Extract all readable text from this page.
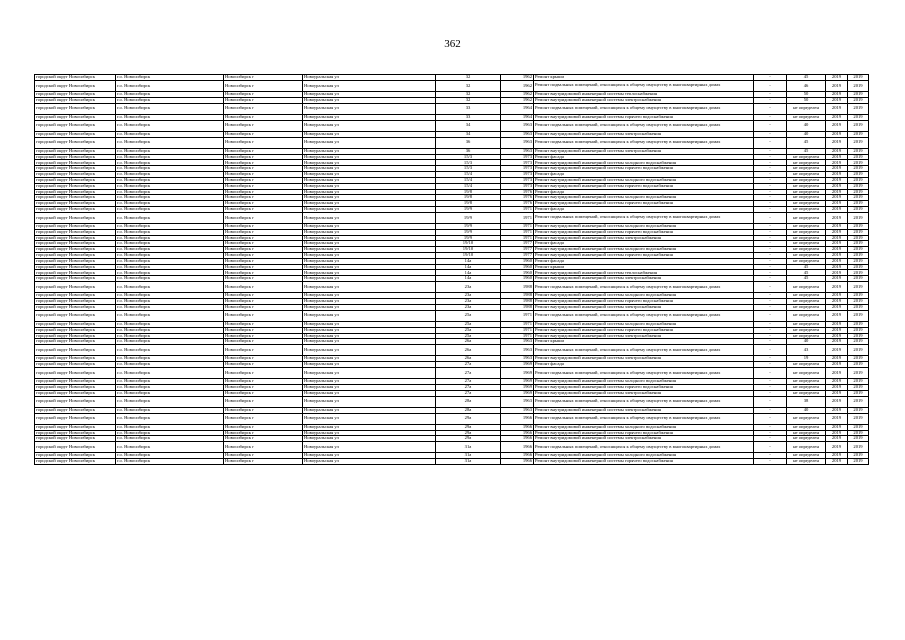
362
городской округ Новосибирск	г.о. Новосибирск	Новосибирск г	Новоуральская ул	32	1962	Ремонт крыши	-	45	2019	2019
городской округ Новосибирск	г.о. Новосибирск	Новосибирск г	Новоуральская ул	32	1962	Ремонт подвальных помещений, относящихся к общему имуществу в многоквартирных домах	-	46	2019	2019
городской округ Новосибирск	г.о. Новосибирск	Новосибирск г	Новоуральская ул	32	1962	Ремонт внутридомовой инженерной системы теплоснабжения	-	50	2019	2019
городской округ Новосибирск	г.о. Новосибирск	Новосибирск г	Новоуральская ул	32	1962	Ремонт внутридомовой инженерной системы электроснабжения	-	50	2019	2019
городской округ Новосибирск	г.о. Новосибирск	Новосибирск г	Новоуральская ул	33	1964	Ремонт подвальных помещений, относящихся к общему имуществу в многоквартирных домах	-	не определен	2019	2019
городской округ Новосибирск	г.о. Новосибирск	Новосибирск г	Новоуральская ул	33	1964	Ремонт внутридомовой инженерной системы горячего водоснабжения	-	не определен	2019	2019
городской округ Новосибирск	г.о. Новосибирск	Новосибирск г	Новоуральская ул	34	1963	Ремонт подвальных помещений, относящихся к общему имуществу в многоквартирных домах	-	40	2019	2019
городской округ Новосибирск	г.о. Новосибирск	Новосибирск г	Новоуральская ул	34	1963	Ремонт внутридомовой инженерной системы электроснабжения	-	40	2019	2019
городской округ Новосибирск	г.о. Новосибирск	Новосибирск г	Новоуральская ул	36	1963	Ремонт подвальных помещений, относящихся к общему имуществу в многоквартирных домах	-	45	2019	2019
городской округ Новосибирск	г.о. Новосибирск	Новосибирск г	Новоуральская ул	36	1963	Ремонт внутридомовой инженерной системы электроснабжения	-	45	2019	2019
городской округ Новосибирск	г.о. Новосибирск	Новосибирск г	Новоуральская ул	15/3	1973	Ремонт фасада	-	не определен	2019	2019
городской округ Новосибирск	г.о. Новосибирск	Новосибирск г	Новоуральская ул	15/3	1973	Ремонт внутридомовой инженерной системы холодного водоснабжения	-	не определен	2019	2019
городской округ Новосибирск	г.о. Новосибирск	Новосибирск г	Новоуральская ул	15/3	1973	Ремонт внутридомовой инженерной системы горячего водоснабжения	-	не определен	2019	2019
городской округ Новосибирск	г.о. Новосибирск	Новосибирск г	Новоуральская ул	15/4	1973	Ремонт фасада	-	не определен	2019	2019
городской округ Новосибирск	г.о. Новосибирск	Новосибирск г	Новоуральская ул	15/4	1973	Ремонт внутридомовой инженерной системы холодного водоснабжения	-	не определен	2019	2019
городской округ Новосибирск	г.о. Новосибирск	Новосибирск г	Новоуральская ул	15/4	1973	Ремонт внутридомовой инженерной системы горячего водоснабжения	-	не определен	2019	2019
городской округ Новосибирск	г.о. Новосибирск	Новосибирск г	Новоуральская ул	19/8	1976	Ремонт фасада	-	не определен	2019	2019
городской округ Новосибирск	г.о. Новосибирск	Новосибирск г	Новоуральская ул	19/8	1976	Ремонт внутридомовой инженерной системы холодного водоснабжения	-	не определен	2019	2019
городской округ Новосибирск	г.о. Новосибирск	Новосибирск г	Новоуральская ул	19/8	1976	Ремонт внутридомовой инженерной системы горячего водоснабжения	-	не определен	2019	2019
городской округ Новосибирск	г.о. Новосибирск	Новосибирск г	Новоуральская ул	19/9	1971	Ремонт фасада	-	не определен	2019	2019
городской округ Новосибирск	г.о. Новосибирск	Новосибирск г	Новоуральская ул	19/9	1971	Ремонт подвальных помещений, относящихся к общему имуществу в многоквартирных домах	-	не определен	2019	2019
городской округ Новосибирск	г.о. Новосибирск	Новосибирск г	Новоуральская ул	19/9	1971	Ремонт внутридомовой инженерной системы холодного водоснабжения	-	не определен	2019	2019
городской округ Новосибирск	г.о. Новосибирск	Новосибирск г	Новоуральская ул	19/9	1971	Ремонт внутридомовой инженерной системы горячего водоснабжения	-	не определен	2019	2019
городской округ Новосибирск	г.о. Новосибирск	Новосибирск г	Новоуральская ул	19/9	1971	Ремонт внутридомовой инженерной системы электроснабжения	-	не определен	2019	2019
городской округ Новосибирск	г.о. Новосибирск	Новосибирск г	Новоуральская ул	19/10	1977	Ремонт фасада	-	не определен	2019	2019
городской округ Новосибирск	г.о. Новосибирск	Новосибирск г	Новоуральская ул	19/10	1977	Ремонт внутридомовой инженерной системы холодного водоснабжения	-	не определен	2019	2019
городской округ Новосибирск	г.о. Новосибирск	Новосибирск г	Новоуральская ул	19/10	1977	Ремонт внутридомовой инженерной системы горячего водоснабжения	-	не определен	2019	2019
городской округ Новосибирск	г.о. Новосибирск	Новосибирск г	Новоуральская ул	14а	1960	Ремонт фасада	-	не определен	2019	2019
городской округ Новосибирск	г.о. Новосибирск	Новосибирск г	Новоуральская ул	14а	1960	Ремонт крыши	-	45	2019	2019
городской округ Новосибирск	г.о. Новосибирск	Новосибирск г	Новоуральская ул	14а	1960	Ремонт внутридомовой инженерной системы теплоснабжения	-	45	2019	2019
городской округ Новосибирск	г.о. Новосибирск	Новосибирск г	Новоуральская ул	14а	1960	Ремонт внутридомовой инженерной системы электроснабжения	-	45	2019	2019
городской округ Новосибирск	г.о. Новосибирск	Новосибирск г	Новоуральская ул	23а	1988	Ремонт подвальных помещений, относящихся к общему имуществу в многоквартирных домах	-	не определен	2019	2019
городской округ Новосибирск	г.о. Новосибирск	Новосибирск г	Новоуральская ул	23а	1988	Ремонт внутридомовой инженерной системы холодного водоснабжения	-	не определен	2019	2019
городской округ Новосибирск	г.о. Новосибирск	Новосибирск г	Новоуральская ул	23а	1988	Ремонт внутридомовой инженерной системы горячего водоснабжения	-	не определен	2019	2019
городской округ Новосибирск	г.о. Новосибирск	Новосибирск г	Новоуральская ул	23а	1988	Ремонт внутридомовой инженерной системы электроснабжения	-	не определен	2019	2019
городской округ Новосибирск	г.о. Новосибирск	Новосибирск г	Новоуральская ул	25а	1971	Ремонт подвальных помещений, относящихся к общему имуществу в многоквартирных домах	-	не определен	2019	2019
городской округ Новосибирск	г.о. Новосибирск	Новосибирск г	Новоуральская ул	25а	1971	Ремонт внутридомовой инженерной системы холодного водоснабжения	-	не определен	2019	2019
городской округ Новосибирск	г.о. Новосибирск	Новосибирск г	Новоуральская ул	25а	1971	Ремонт внутридомовой инженерной системы горячего водоснабжения	-	не определен	2019	2019
городской округ Новосибирск	г.о. Новосибирск	Новосибирск г	Новоуральская ул	25а	1971	Ремонт внутридомовой инженерной системы электроснабжения	-	не определен	2019	2019
городской округ Новосибирск	г.о. Новосибирск	Новосибирск г	Новоуральская ул	26а	1963	Ремонт крыши	-	40	2019	2019
городской округ Новосибирск	г.о. Новосибирск	Новосибирск г	Новоуральская ул	26а	1963	Ремонт подвальных помещений, относящихся к общему имуществу в многоквартирных домах	-	43	2019	2019
городской округ Новосибирск	г.о. Новосибирск	Новосибирск г	Новоуральская ул	26а	1963	Ремонт внутридомовой инженерной системы электроснабжения	-	19	2019	2019
городской округ Новосибирск	г.о. Новосибирск	Новосибирск г	Новоуральская ул	27а	1969	Ремонт фасада	-	не определен	2019	2019
городской округ Новосибирск	г.о. Новосибирск	Новосибирск г	Новоуральская ул	27а	1969	Ремонт подвальных помещений, относящихся к общему имуществу в многоквартирных домах	-	не определен	2019	2019
городской округ Новосибирск	г.о. Новосибирск	Новосибирск г	Новоуральская ул	27а	1969	Ремонт внутридомовой инженерной системы холодного водоснабжения	-	не определен	2019	2019
городской округ Новосибирск	г.о. Новосибирск	Новосибирск г	Новоуральская ул	27а	1969	Ремонт внутридомовой инженерной системы горячего водоснабжения	-	не определен	2019	2019
городской округ Новосибирск	г.о. Новосибирск	Новосибирск г	Новоуральская ул	27а	1969	Ремонт внутридомовой инженерной системы электроснабжения	-	не определен	2019	2019
городской округ Новосибирск	г.о. Новосибирск	Новосибирск г	Новоуральская ул	28а	1963	Ремонт подвальных помещений, относящихся к общему имуществу в многоквартирных домах	-	38	2019	2019
городской округ Новосибирск	г.о. Новосибирск	Новосибирск г	Новоуральская ул	28а	1963	Ремонт внутридомовой инженерной системы электроснабжения	-	40	2019	2019
городской округ Новосибирск	г.о. Новосибирск	Новосибирск г	Новоуральская ул	29а	1966	Ремонт подвальных помещений, относящихся к общему имуществу в многоквартирных домах	-	не определен	2019	2019
городской округ Новосибирск	г.о. Новосибирск	Новосибирск г	Новоуральская ул	29а	1966	Ремонт внутридомовой инженерной системы холодного водоснабжения	-	не определен	2019	2019
городской округ Новосибирск	г.о. Новосибирск	Новосибирск г	Новоуральская ул	29а	1966	Ремонт внутридомовой инженерной системы горячего водоснабжения	-	не определен	2019	2019
городской округ Новосибирск	г.о. Новосибирск	Новосибирск г	Новоуральская ул	29а	1966	Ремонт внутридомовой инженерной системы электроснабжения	-	не определен	2019	2019
городской округ Новосибирск	г.о. Новосибирск	Новосибирск г	Новоуральская ул	31а	1966	Ремонт подвальных помещений, относящихся к общему имуществу в многоквартирных домах	-	не определен	2019	2019
городской округ Новосибирск	г.о. Новосибирск	Новосибирск г	Новоуральская ул	31а	1966	Ремонт внутридомовой инженерной системы холодного водоснабжения	-	не определен	2019	2019
городской округ Новосибирск	г.о. Новосибирск	Новосибирск г	Новоуральская ул	31а	1966	Ремонт внутридомовой инженерной системы горячего водоснабжения	-	не определен	2019	2019
